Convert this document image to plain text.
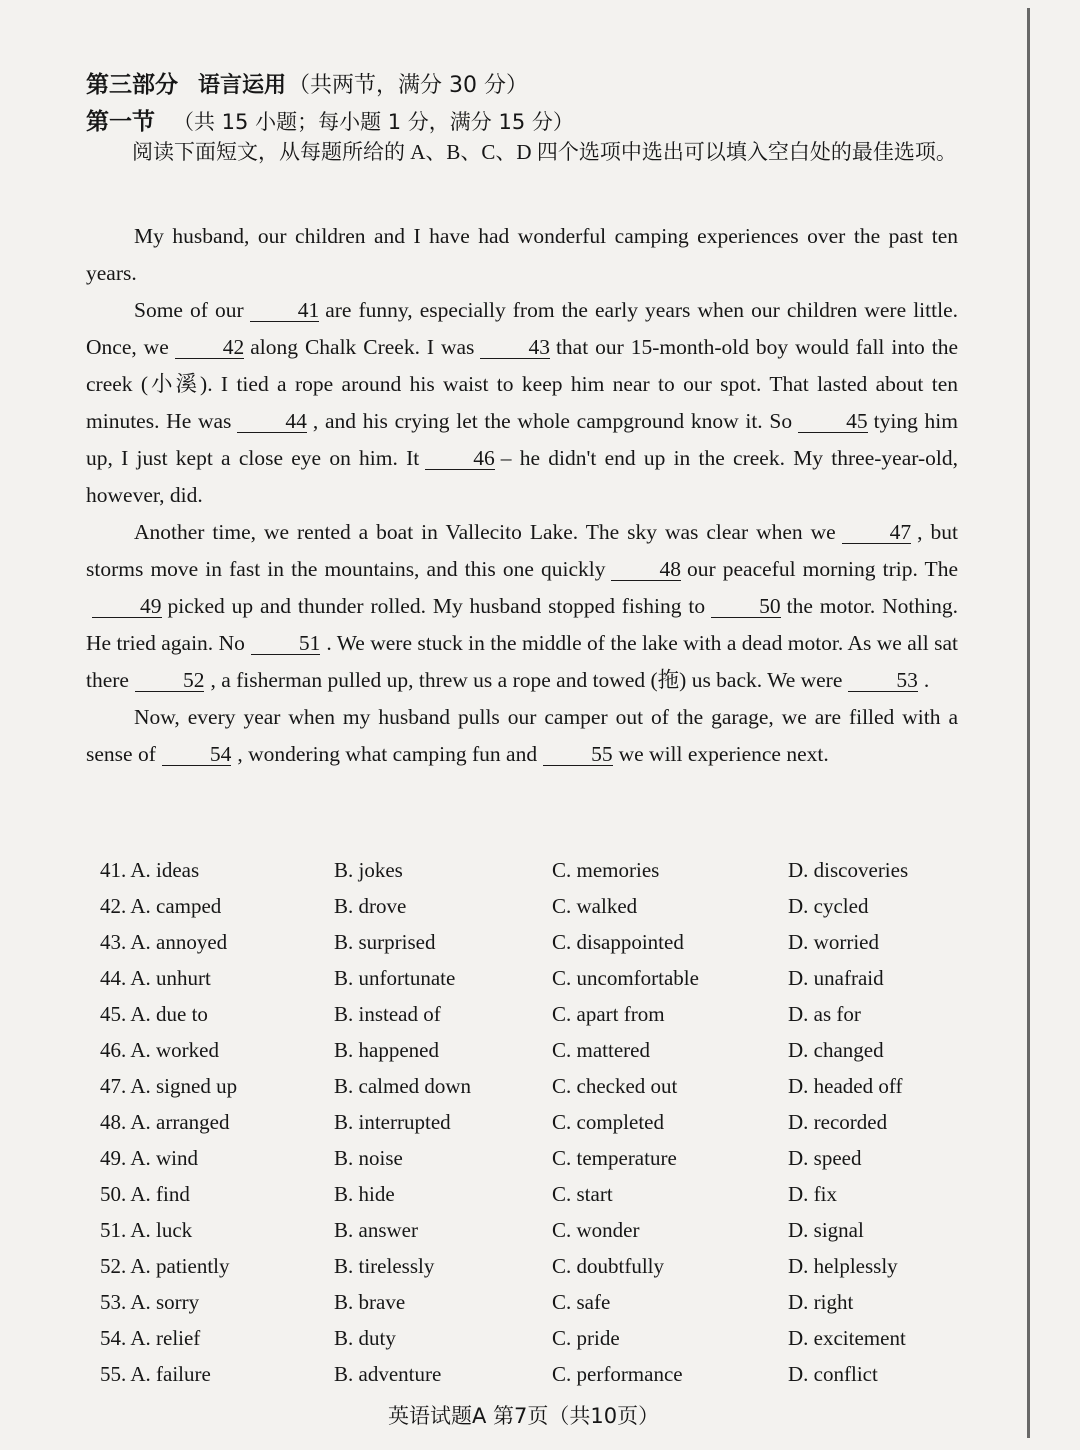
第三部分 语言运用（共两节，满分 30 分）
第一节 （共 15 小题；每小题 1 分，满分 15 分）
阅读下面短文，从每题所给的 A、B、C、D 四个选项中选出可以填入空白处的最佳选项。

My husband, our children and I have had wonderful camping experiences over the past ten years.

Some of our	41 are funny, especially from the early years when our children were little. Once, we	42 along Chalk Creek. I was	43 that our 15-month-old boy would fall into the creek (小溪). I tied a rope around his waist to keep him near to our spot. That lasted about ten minutes. He was	44 , and his crying let the whole campground know it. So	45 tying him up, I just kept a close eye on him. It	46 – he didn't end up in the creek. My three-year-old, however, did.

Another time, we rented a boat in Vallecito Lake. The sky was clear when we	47 , but storms move in fast in the mountains, and this one quickly	48 our peaceful morning trip. The49 picked up and thunder rolled. My husband stopped fishing to	50 the motor. Nothing. He tried again. No	51 . We were stuck in the middle of the lake with a dead motor. As we all sat there	52 , a fisherman pulled up, threw us a rope and towed (拖) us back. We were	53 .

Now, every year when my husband pulls our camper out of the garage, we are filled with a sense of	54 , wondering what camping fun and	55 we will experience next.

41. A. ideas	B. jokes	C. memories	D. discoveries
42. A. camped	B. drove	C. walked	D. cycled
43. A. annoyed	B. surprised	C. disappointed	D. worried
44. A. unhurt	B. unfortunate	C. uncomfortable	D. unafraid
45. A. due to	B. instead of	C. apart from	D. as for
46. A. worked	B. happened	C. mattered	D. changed
47. A. signed up	B. calmed down	C. checked out	D. headed off
48. A. arranged	B. interrupted	C. completed	D. recorded
49. A. wind	B. noise	C. temperature	D. speed
50. A. find	B. hide	C. start	D. fix
51. A. luck	B. answer	C. wonder	D. signal
52. A. patiently	B. tirelessly	C. doubtfully	D. helplessly
53. A. sorry	B. brave	C. safe	D. right
54. A. relief	B. duty	C. pride	D. excitement
55. A. failure	B. adventure	C. performance	D. conflict
英语试题A 第7页（共10页）
